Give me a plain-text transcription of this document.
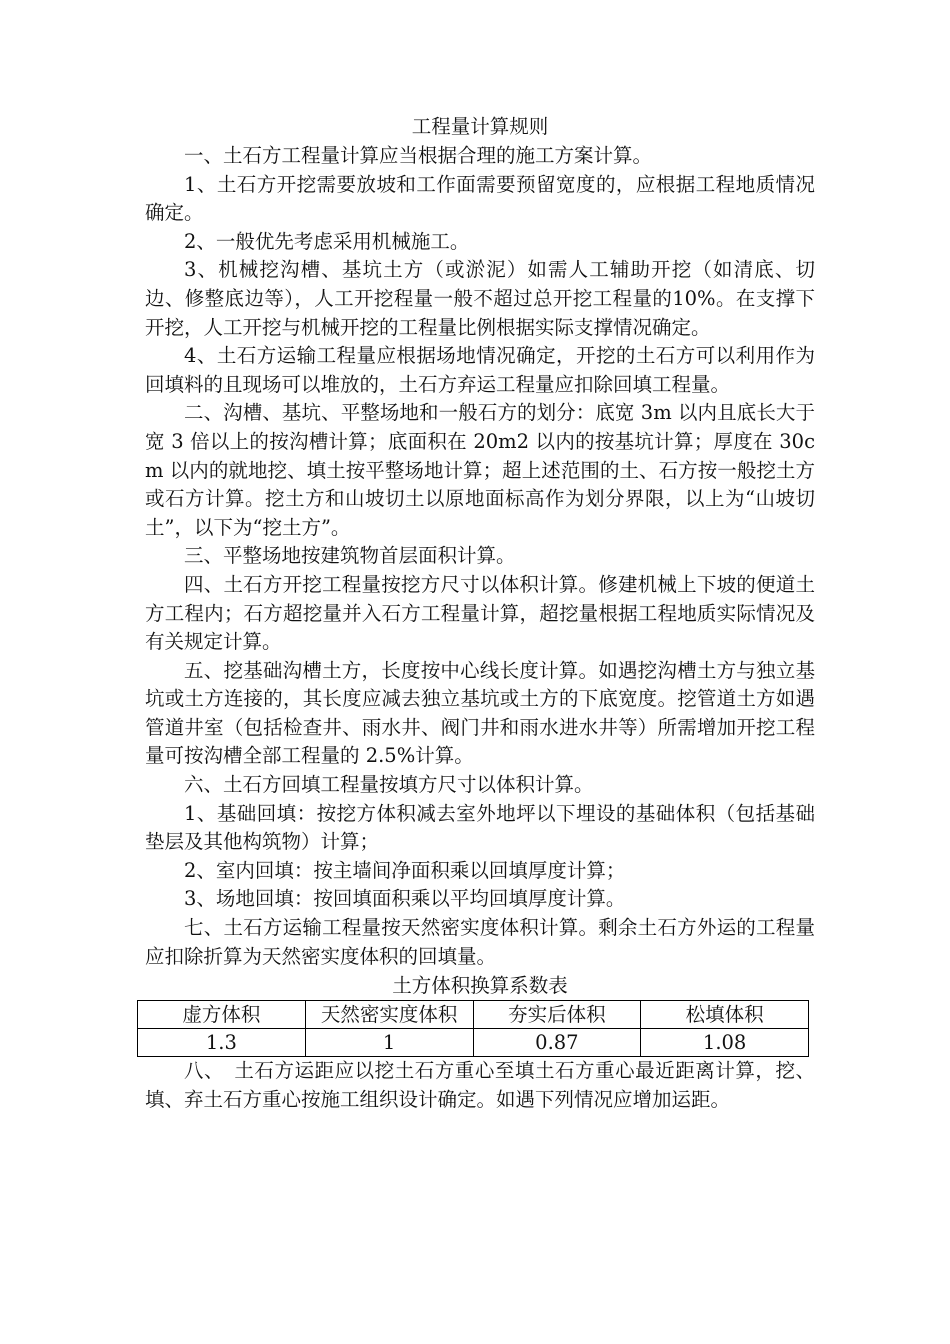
工程量计算规则

一、土石方工程量计算应当根据合理的施工方案计算。

1、土石方开挖需要放坡和工作面需要预留宽度的，应根据工程地质情况确定。

2、一般优先考虑采用机械施工。

3、机械挖沟槽、基坑土方（或淤泥）如需人工辅助开挖（如清底、切边、修整底边等），人工开挖程量一般不超过总开挖工程量的10%。在支撑下开挖，人工开挖与机械开挖的工程量比例根据实际支撑情况确定。

4、土石方运输工程量应根据场地情况确定，开挖的土石方可以利用作为回填料的且现场可以堆放的，土石方弃运工程量应扣除回填工程量。

二、沟槽、基坑、平整场地和一般石方的划分：底宽 3m 以内且底长大于宽 3 倍以上的按沟槽计算；底面积在 20m2 以内的按基坑计算；厚度在 30cm 以内的就地挖、填土按平整场地计算；超上述范围的土、石方按一般挖土方或石方计算。挖土方和山坡切土以原地面标高作为划分界限，以上为“山坡切土”，以下为“挖土方”。

三、平整场地按建筑物首层面积计算。

四、土石方开挖工程量按挖方尺寸以体积计算。修建机械上下坡的便道土方工程内；石方超挖量并入石方工程量计算，超挖量根据工程地质实际情况及有关规定计算。

五、挖基础沟槽土方，长度按中心线长度计算。如遇挖沟槽土方与独立基坑或土方连接的，其长度应减去独立基坑或土方的下底宽度。挖管道土方如遇管道井室（包括检查井、雨水井、阀门井和雨水进水井等）所需增加开挖工程量可按沟槽全部工程量的 2.5%计算。

六、土石方回填工程量按填方尺寸以体积计算。

1、基础回填：按挖方体积减去室外地坪以下埋设的基础体积（包括基础垫层及其他构筑物）计算；

2、室内回填：按主墙间净面积乘以回填厚度计算；

3、场地回填：按回填面积乘以平均回填厚度计算。

七、土石方运输工程量按天然密实度体积计算。剩余土石方外运的工程量应扣除折算为天然密实度体积的回填量。

土方体积换算系数表

虚方体积	天然密实度体积	夯实后体积	松填体积
1.3	1	0.87	1.08

八、　土石方运距应以挖土石方重心至填土石方重心最近距离计算，挖、填、弃土石方重心按施工组织设计确定。如遇下列情况应增加运距。
